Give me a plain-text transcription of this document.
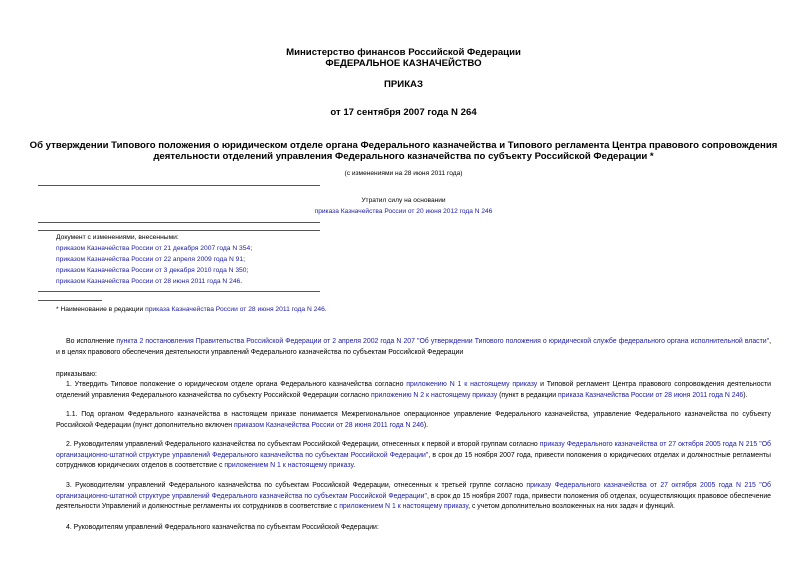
Министерство финансов Российской Федерации
ФЕДЕРАЛЬНОЕ КАЗНАЧЕЙСТВО
ПРИКАЗ
от 17 сентября 2007 года N 264
Об утверждении Типового положения о юридическом отделе органа Федерального казначейства и Типового регламента Центра правового сопровождения
деятельности отделений управления Федерального казначейства по субъекту Российской Федерации *
(с изменениями на 28 июня 2011 года)
Утратил силу на основании
приказа Казначейства России от 20 июня 2012 года N 246
Документ с изменениями, внесенными:
приказом Казначейства России от 21 декабря 2007 года N 354;
приказом Казначейства России от 22 апреля 2009 года N 91;
приказом Казначейства России от 3 декабря 2010 года N 350;
приказом Казначейства России от 28 июня 2011 года N 246.
* Наименование в редакции приказа Казначейства России от 28 июня 2011 года N 246.
Во исполнение пункта 2 постановления Правительства Российской Федерации от 2 апреля 2002 года N 207 "Об утверждении Типового положения о юридической службе федерального органа исполнительной власти", и в целях правового обеспечения деятельности управлений Федерального казначейства по субъектам Российской Федерации
приказываю:
1. Утвердить Типовое положение о юридическом отделе органа Федерального казначейства согласно приложению N 1 к настоящему приказу и Типовой регламент Центра правового сопровождения деятельности отделений управления Федерального казначейства по субъекту Российской Федерации согласно приложению N 2 к настоящему приказу (пункт в редакции приказа Казначейства России от 28 июня 2011 года N 246).
1.1. Под органом Федерального казначейства в настоящем приказе понимается Межрегиональное операционное управление Федерального казначейства, управление Федерального казначейства по субъекту Российской Федерации (пункт дополнительно включен приказом Казначейства России от 28 июня 2011 года N 246).
2. Руководителям управлений Федерального казначейства по субъектам Российской Федерации, отнесенных к первой и второй группам согласно приказу Федерального казначейства от 27 октября 2005 года N 215 "Об организационно-штатной структуре управлений Федерального казначейства по субъектам Российской Федерации", в срок до 15 ноября 2007 года, привести положения о юридических отделах и должностные регламенты сотрудников юридических отделов в соответствие с приложением N 1 к настоящему приказу.
3. Руководителям управлений Федерального казначейства по субъектам Российской Федерации, отнесенных к третьей группе согласно приказу Федерального казначейства от 27 октября 2005 года N 215 "Об организационно-штатной структуре управлений Федерального казначейства по субъектам Российской Федерации", в срок до 15 ноября 2007 года, привести положения об отделах, осуществляющих правовое обеспечение деятельности Управлений и должностные регламенты их сотрудников в соответствие с приложением N 1 к настоящему приказу, с учетом дополнительно возложенных на них задач и функций.
4. Руководителям управлений Федерального казначейства по субъектам Российской Федерации:
